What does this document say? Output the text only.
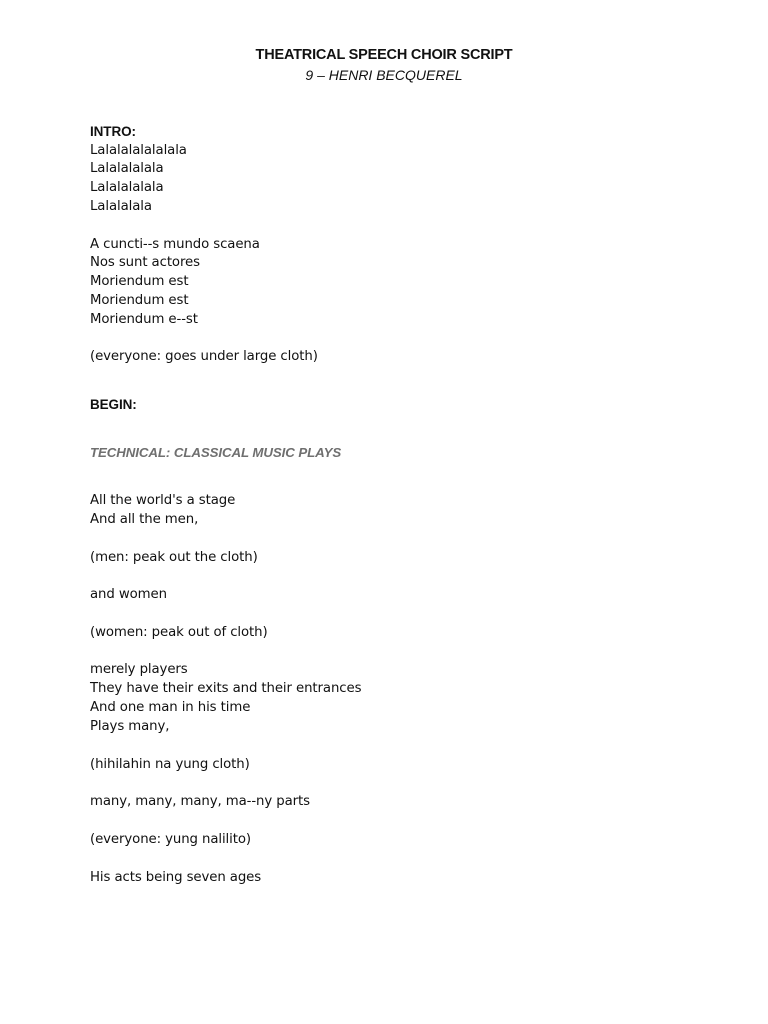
THEATRICAL SPEECH CHOIR SCRIPT
9 – HENRI BECQUEREL
INTRO:
Lalalalalalalala
Lalalalalala
Lalalalalala
Lalalalala
A cuncti--s mundo scaena
Nos sunt actores
Moriendum est
Moriendum est
Moriendum e--st
(everyone: goes under large cloth)
BEGIN:
TECHNICAL: CLASSICAL MUSIC PLAYS
All the world's a stage
And all the men,
(men: peak out the cloth)
and women
(women: peak out of cloth)
merely players
They have their exits and their entrances
And one man in his time
Plays many,
(hihilahin na yung cloth)
many, many, many, ma--ny parts
(everyone: yung nalilito)
His acts being seven ages
